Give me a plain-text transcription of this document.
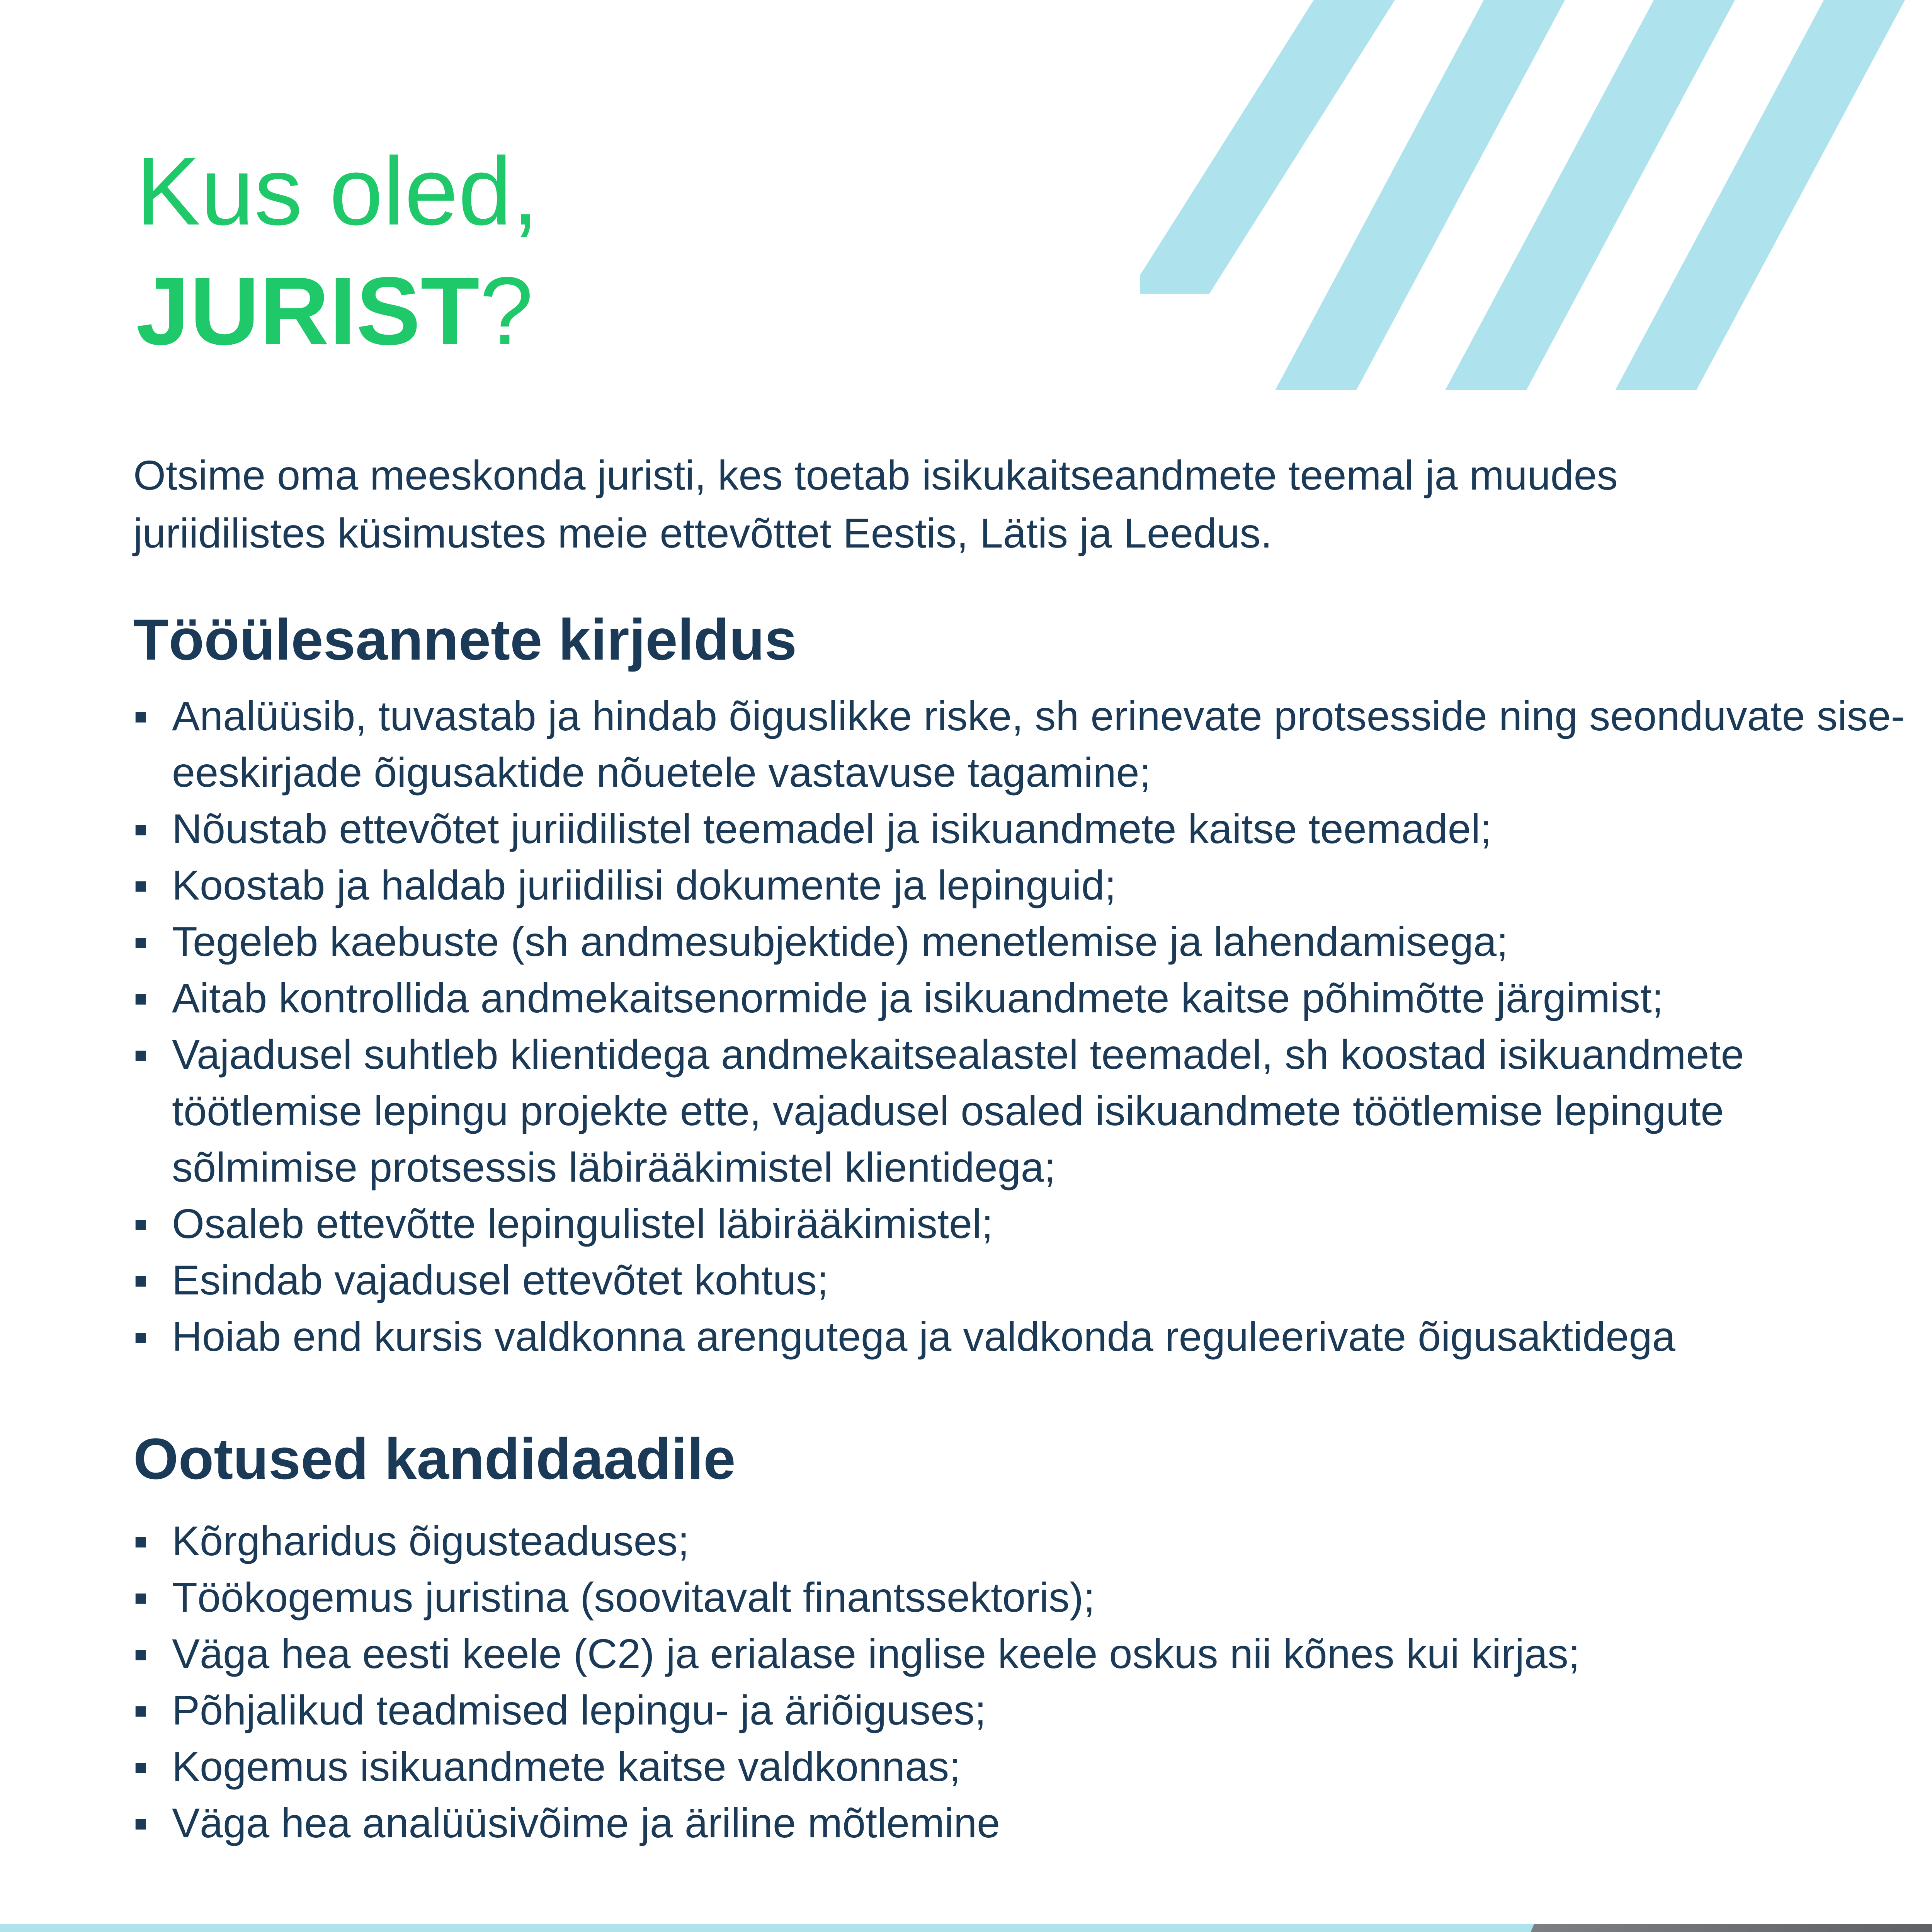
Kus oled,
JURIST?
Otsime oma meeskonda juristi, kes toetab isikukaitseandmete teemal ja muudes juriidilistes küsimustes meie ettevõttet Eestis, Lätis ja Leedus.
Tööülesannete kirjeldus
▪ Analüüsib, tuvastab ja hindab õiguslikke riske, sh erinevate protsesside ning seonduvate sise-eeskirjade õigusaktide nõuetele vastavuse tagamine;
▪ Nõustab ettevõtet juriidilistel teemadel ja isikuandmete kaitse teemadel;
▪ Koostab ja haldab juriidilisi dokumente ja lepinguid;
▪ Tegeleb kaebuste (sh andmesubjektide) menetlemise ja lahendamisega;
▪ Aitab kontrollida andmekaitsenormide ja isikuandmete kaitse põhimõtte järgimist;
▪ Vajadusel suhtleb klientidega andmekaitsealastel teemadel, sh koostad isikuandmete töötlemise lepingu projekte ette, vajadusel osaled isikuandmete töötlemise lepingute sõlmimise protsessis läbirääkimistel klientidega;
▪ Osaleb ettevõtte lepingulistel läbirääkimistel;
▪ Esindab vajadusel ettevõtet kohtus;
▪ Hoiab end kursis valdkonna arengutega ja valdkonda reguleerivate õigusaktidega
Ootused kandidaadile
▪ Kõrgharidus õigusteaduses;
▪ Töökogemus juristina (soovitavalt finantssektoris);
▪ Väga hea eesti keele (C2) ja erialase inglise keele oskus nii kõnes kui kirjas;
▪ Põhjalikud teadmised lepingu- ja äriõiguses;
▪ Kogemus isikuandmete kaitse valdkonnas;
▪ Väga hea analüüsivõime ja äriline mõtlemine
